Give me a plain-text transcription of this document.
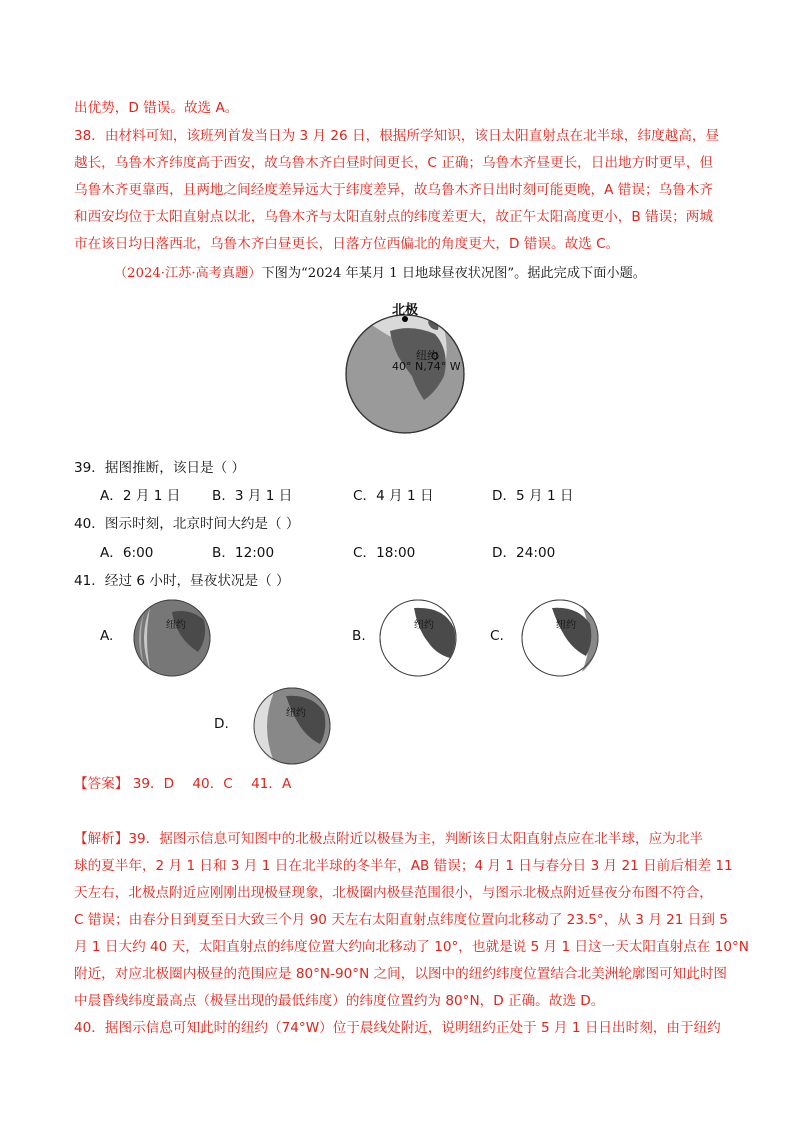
出优势，D 错误。故选 A。
38．由材料可知，该班列首发当日为 3 月 26 日，根据所学知识，该日太阳直射点在北半球，纬度越高，昼
越长，乌鲁木齐纬度高于西安，故乌鲁木齐白昼时间更长，C 正确；乌鲁木齐昼更长，日出地方时更早，但
乌鲁木齐更靠西，且两地之间经度差异远大于纬度差异，故乌鲁木齐日出时刻可能更晚，A 错误；乌鲁木齐
和西安均位于太阳直射点以北，乌鲁木齐与太阳直射点的纬度差更大，故正午太阳高度更小，B 错误；两城
市在该日均日落西北，乌鲁木齐白昼更长，日落方位西偏北的角度更大，D 错误。故选 C。
（2024·江苏·高考真题）下图为“2024 年某月 1 日地球昼夜状况图”。据此完成下面小题。
北极
纽约
40° N,74° W
39．据图推断，该日是（ ）
A．2 月 1 日 B．3 月 1 日	C．4 月 1 日	D．5 月 1 日
40．图示时刻，北京时间大约是（ ）
A．6:00	B．12:00	C．18:00	D．24:00
41．经过 6 小时，昼夜状况是（ ）
A.
纽约
B.
纽约
C.
纽约
D.
纽约
【答案】 39．D 40．C 41．A
【解析】39．据图示信息可知图中的北极点附近以极昼为主，判断该日太阳直射点应在北半球，应为北半
球的夏半年，2 月 1 日和 3 月 1 日在北半球的冬半年，AB 错误；4 月 1 日与春分日 3 月 21 日前后相差 11
天左右，北极点附近应刚刚出现极昼现象，北极圈内极昼范围很小，与图示北极点附近昼夜分布图不符合，
C 错误；由春分日到夏至日大致三个月 90 天左右太阳直射点纬度位置向北移动了 23.5°，从 3 月 21 日到 5
月 1 日大约 40 天，太阳直射点的纬度位置大约向北移动了 10°，也就是说 5 月 1 日这一天太阳直射点在 10°N
附近，对应北极圈内极昼的范围应是 80°N-90°N 之间，以图中的纽约纬度位置结合北美洲轮廓图可知此时图
中晨昏线纬度最高点（极昼出现的最低纬度）的纬度位置约为 80°N，D 正确。故选 D。
40．据图示信息可知此时的纽约（74°W）位于晨线处附近，说明纽约正处于 5 月 1 日日出时刻，由于纽约
